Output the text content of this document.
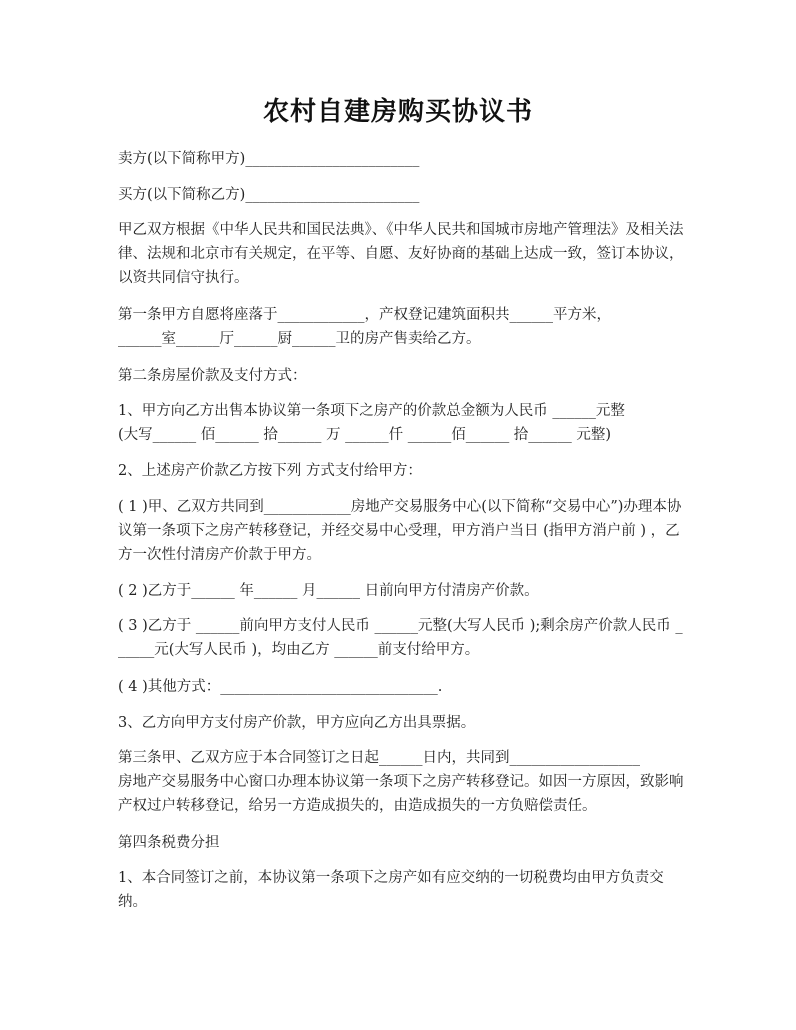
农村自建房购买协议书

卖方(以下简称甲方)________________________

买方(以下简称乙方)________________________

甲乙双方根据《中华人民共和国民法典》、《中华人民共和国城市房地产管理法》及相关法律、法规和北京市有关规定，在平等、自愿、友好协商的基础上达成一致，签订本协议，以资共同信守执行。

第一条甲方自愿将座落于____________，产权登记建筑面积共______平方米，
______室______厅______厨______卫的房产售卖给乙方。

第二条房屋价款及支付方式：

1、甲方向乙方出售本协议第一条项下之房产的价款总金额为人民币 ______元整
(大写______ 佰______ 拾______ 万 ______仟 ______佰______ 拾______ 元整)

2、上述房产价款乙方按下列 方式支付给甲方：

( 1 )甲、乙双方共同到____________房地产交易服务中心(以下简称“交易中心”)办理本协议第一条项下之房产转移登记，并经交易中心受理，甲方消户当日 (指甲方消户前 ) ，乙方一次性付清房产价款于甲方。

( 2 )乙方于______ 年______ 月______ 日前向甲方付清房产价款。

( 3 )乙方于 ______前向甲方支付人民币 ______元整(大写人民币 );剩余房产价款人民币 ______元(大写人民币 )，均由乙方 ______前支付给甲方。

( 4 )其他方式：______________________________.

3、乙方向甲方支付房产价款，甲方应向乙方出具票据。

第三条甲、乙双方应于本合同签订之日起______日内，共同到__________________
房地产交易服务中心窗口办理本协议第一条项下之房产转移登记。如因一方原因，致影响产权过户转移登记，给另一方造成损失的，由造成损失的一方负赔偿责任。

第四条税费分担

1、本合同签订之前，本协议第一条项下之房产如有应交纳的一切税费均由甲方负责交纳。
